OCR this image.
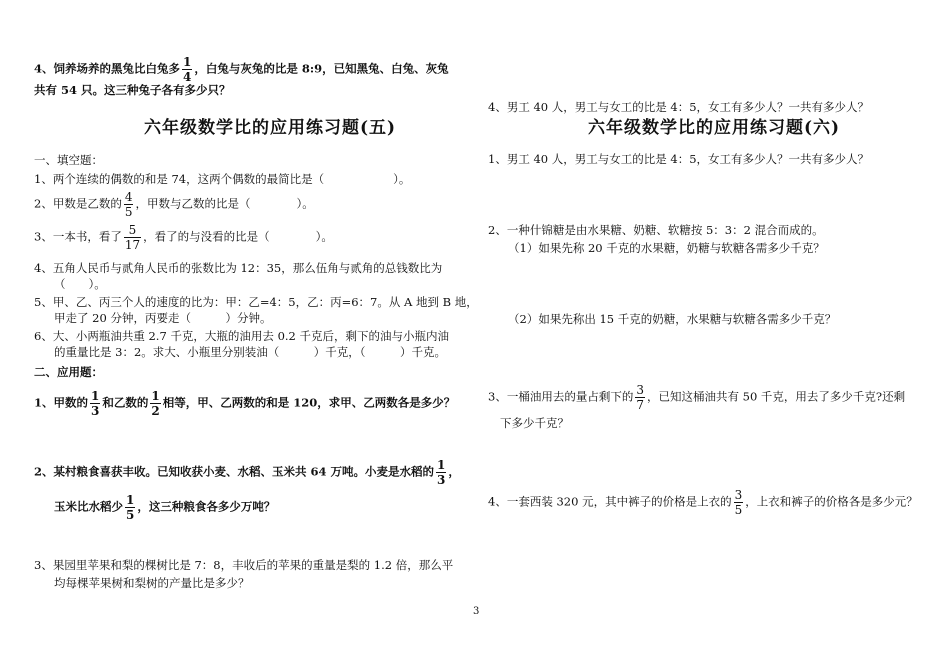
4、饲养场养的黑兔比白兔多 $\frac{1}{4}$ ，白兔与灰兔的比是 8:9，已知黑兔、白兔、灰兔
共有 54 只。这三种兔子各有多少只？
六年级数学比的应用练习题(五)
一、填空题：
1、两个连续的偶数的和是 74，这两个偶数的最简比是（　　　　　　）。
2、甲数是乙数的 $\frac{4}{5}$ ，甲数与乙数的比是（　　　　）。
3、一本书，看了 $\frac{5}{17}$ ，看了的与没看的比是（　　　　）。
4、五角人民币与贰角人民币的张数比为 12：35，那么伍角与贰角的总钱数比为
（　　）。
5、甲、乙、丙三个人的速度的比为：甲：乙=4：5，乙：丙=6：7。从 A 地到 B 地，
甲走了 20 分钟，丙要走（　　　）分钟。
6、大、小两瓶油共重 2.7 千克，大瓶的油用去 0.2 千克后，剩下的油与小瓶内油
的重量比是 3：2。求大、小瓶里分别装油（　　　）千克，（　　　）千克。
二、应用题：
1、甲数的 $\frac{1}{3}$ 和乙数的 $\frac{1}{2}$ 相等，甲、乙两数的和是 120，求甲、乙两数各是多少？
2、某村粮食喜获丰收。已知收获小麦、水稻、玉米共 64 万吨。小麦是水稻的 $\frac{1}{3}$ ，
玉米比水稻少 $\frac{1}{5}$ ，这三种粮食各多少万吨？
3、果园里苹果和梨的棵树比是 7：8，丰收后的苹果的重量是梨的 1.2 倍，那么平
均每棵苹果树和梨树的产量比是多少？
4、男工 40 人，男工与女工的比是 4：5，女工有多少人？一共有多少人？
六年级数学比的应用练习题(六)
1、男工 40 人，男工与女工的比是 4：5，女工有多少人？一共有多少人？
2、一种什锦糖是由水果糖、奶糖、软糖按 5：3：2 混合而成的。
（1）如果先称 20 千克的水果糖，奶糖与软糖各需多少千克？
（2）如果先称出 15 千克的奶糖，水果糖与软糖各需多少千克？
3、一桶油用去的量占剩下的 $\frac{3}{7}$ ，已知这桶油共有 50 千克，用去了多少千克?还剩
下多少千克？
4、一套西装 320 元，其中裤子的价格是上衣的 $\frac{3}{5}$ ，上衣和裤子的价格各是多少元？
3
